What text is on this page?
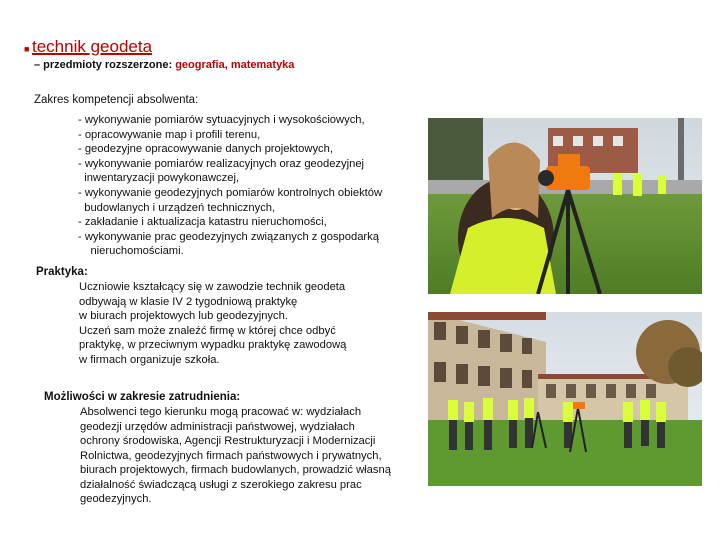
■ technik geodeta
– przedmioty rozszerzone: geografia, matematyka
Zakres kompetencji absolwenta:
- wykonywanie pomiarów sytuacyjnych i wysokościowych,
- opracowywanie map i profili terenu,
- geodezyjne opracowywanie danych projektowych,
- wykonywanie pomiarów realizacyjnych oraz geodezyjnej
inwentaryzacji powykonawczej,
- wykonywanie geodezyjnych pomiarów kontrolnych obiektów
budowlanych i urządzeń technicznych,
- zakładanie i aktualizacja katastru nieruchomości,
- wykonywanie prac geodezyjnych związanych z gospodarką
nieruchomościami.
Praktyka:

Uczniowie kształcący się w zawodzie technik geodeta
odbywają w klasie IV 2 tygodniową praktykę
w biurach projektowych lub geodezyjnych.
Uczeń sam może znaleźć firmę w której chce odbyć
praktykę, w przeciwnym wypadku praktykę zawodową
w firmach organizuje szkoła.

Możliwości w zakresie zatrudnienia:

Absolwenci tego kierunku mogą pracować w: wydziałach
geodezji urzędów administracji państwowej, wydziałach
ochrony środowiska, Agencji Restrukturyzacji i Modernizacji
Rolnictwa, geodezyjnych firmach państwowych i prywatnych,
biurach projektowych, firmach budowlanych, prowadzić własną
działalność świadczącą usługi z szerokiego zakresu prac
geodezyjnych.
